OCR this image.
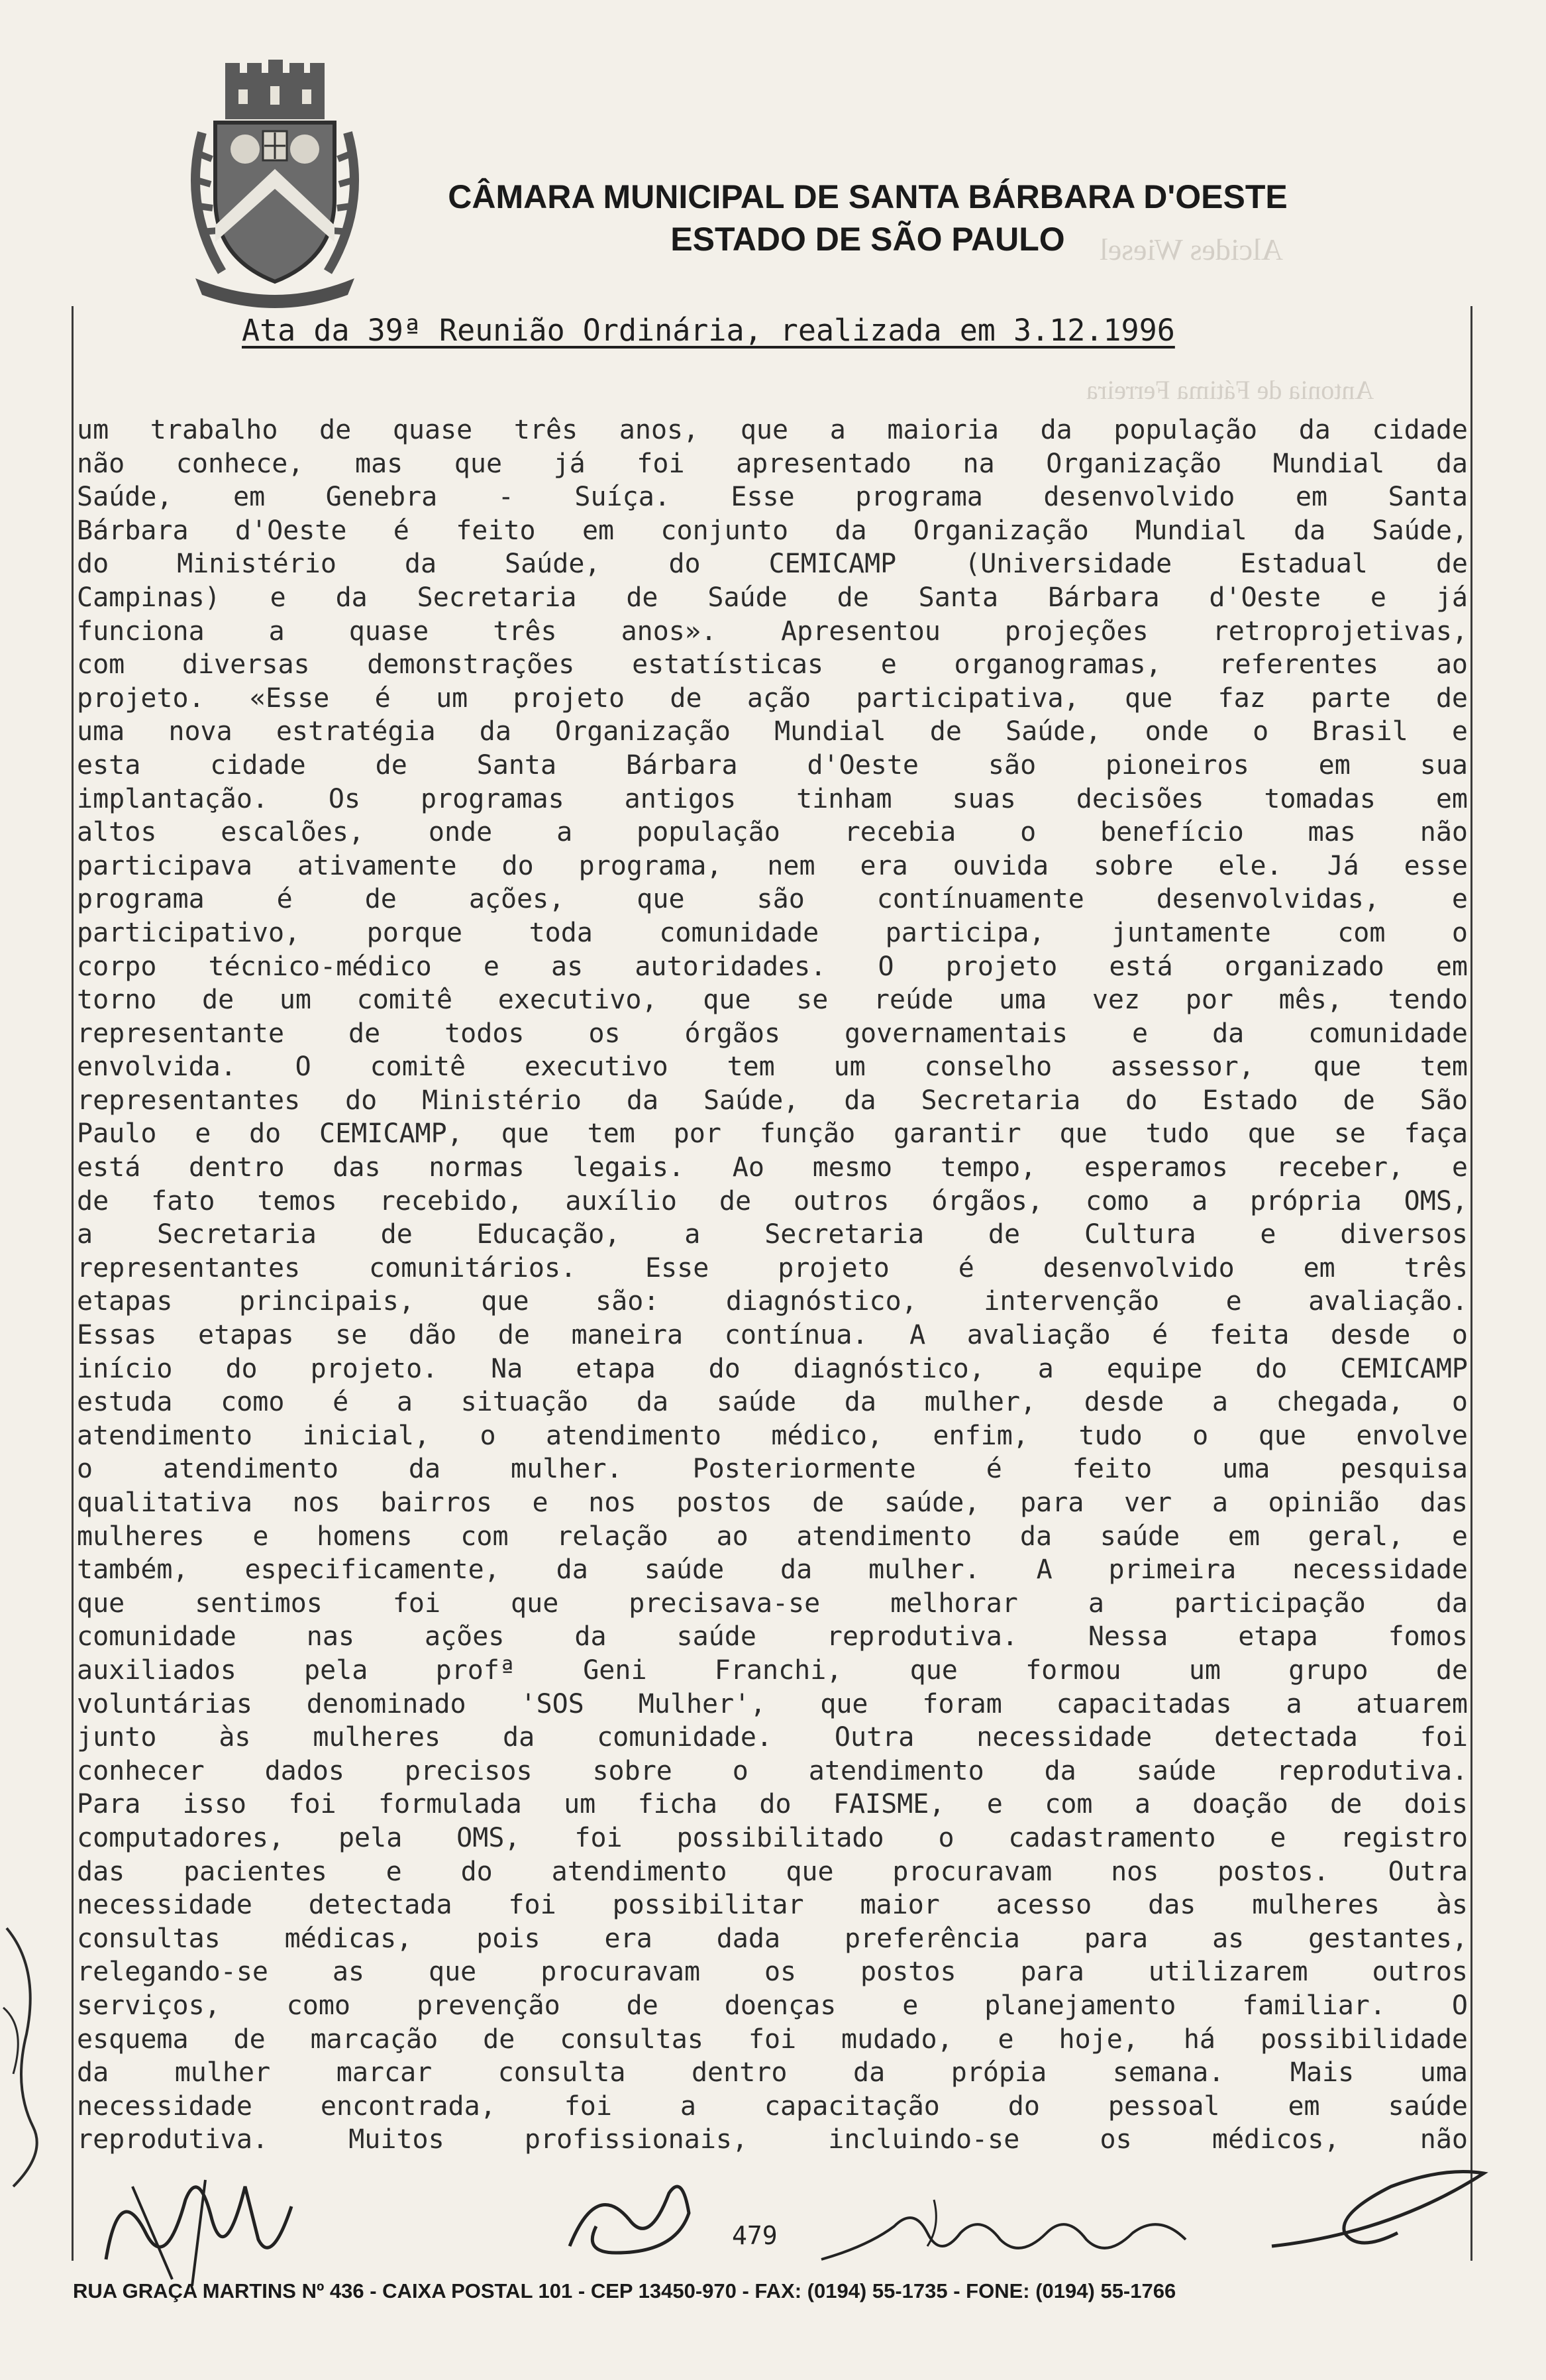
CÂMARA MUNICIPAL DE SANTA BÁRBARA D'OESTE
ESTADO DE SÃO PAULO	Alcides Wiesel
Antonia de Fátima Ferreira
Ata da 39ª Reunião Ordinária, realizada em 3.12.1996
um trabalho de quase três anos, que a maioria da população da cidade
não conhece, mas que já foi apresentado na Organização Mundial da
Saúde, em Genebra - Suíça. Esse programa desenvolvido em Santa
Bárbara d'Oeste é feito em conjunto da Organização Mundial da Saúde,
do Ministério da Saúde, do CEMICAMP (Universidade Estadual de
Campinas) e da Secretaria de Saúde de Santa Bárbara d'Oeste e já
funciona a quase três anos». Apresentou projeções retroprojetivas,
com diversas demonstrações estatísticas e organogramas, referentes ao
projeto. «Esse é um projeto de ação participativa, que faz parte de
uma nova estratégia da Organização Mundial de Saúde, onde o Brasil e
esta cidade de Santa Bárbara d'Oeste são pioneiros em sua
implantação. Os programas antigos tinham suas decisões tomadas em
altos escalões, onde a população recebia o benefício mas não
participava ativamente do programa, nem era ouvida sobre ele. Já esse
programa é de ações, que são contínuamente desenvolvidas, e
participativo, porque toda comunidade participa, juntamente com o
corpo técnico-médico e as autoridades. O projeto está organizado em
torno de um comitê executivo, que se reúde uma vez por mês, tendo
representante de todos os órgãos governamentais e da comunidade
envolvida. O comitê executivo tem um conselho assessor, que tem
representantes do Ministério da Saúde, da Secretaria do Estado de São
Paulo e do CEMICAMP, que tem por função garantir que tudo que se faça
está dentro das normas legais. Ao mesmo tempo, esperamos receber, e
de fato temos recebido, auxílio de outros órgãos, como a própria OMS,
a Secretaria de Educação, a Secretaria de Cultura e diversos
representantes comunitários. Esse projeto é desenvolvido em três
etapas principais, que são: diagnóstico, intervenção e avaliação.
Essas etapas se dão de maneira contínua. A avaliação é feita desde o
início do projeto. Na etapa do diagnóstico, a equipe do CEMICAMP
estuda como é a situação da saúde da mulher, desde a chegada, o
atendimento inicial, o atendimento médico, enfim, tudo o que envolve
o atendimento da mulher. Posteriormente é feito uma pesquisa
qualitativa nos bairros e nos postos de saúde, para ver a opinião das
mulheres e homens com relação ao atendimento da saúde em geral, e
também, especificamente, da saúde da mulher. A primeira necessidade
que sentimos foi que precisava-se melhorar a participação da
comunidade nas ações da saúde reprodutiva. Nessa etapa fomos
auxiliados pela profª Geni Franchi, que formou um grupo de
voluntárias denominado 'SOS Mulher', que foram capacitadas a atuarem
junto às mulheres da comunidade. Outra necessidade detectada foi
conhecer dados precisos sobre o atendimento da saúde reprodutiva.
Para isso foi formulada um ficha do FAISME, e com a doação de dois
computadores, pela OMS, foi possibilitado o cadastramento e registro
das pacientes e do atendimento que procuravam nos postos. Outra
necessidade detectada foi possibilitar maior acesso das mulheres às
consultas médicas, pois era dada preferência para as gestantes,
relegando-se as que procuravam os postos para utilizarem outros
serviços, como prevenção de doenças e planejamento familiar. O
esquema de marcação de consultas foi mudado, e hoje, há possibilidade
da mulher marcar consulta dentro da própia semana. Mais uma
necessidade encontrada, foi a capacitação do pessoal em saúde
reprodutiva. Muitos profissionais, incluindo-se os médicos, não
479
RUA GRAÇA MARTINS Nº 436 - CAIXA POSTAL 101 - CEP 13450-970 - FAX: (0194) 55-1735 - FONE: (0194) 55-1766
